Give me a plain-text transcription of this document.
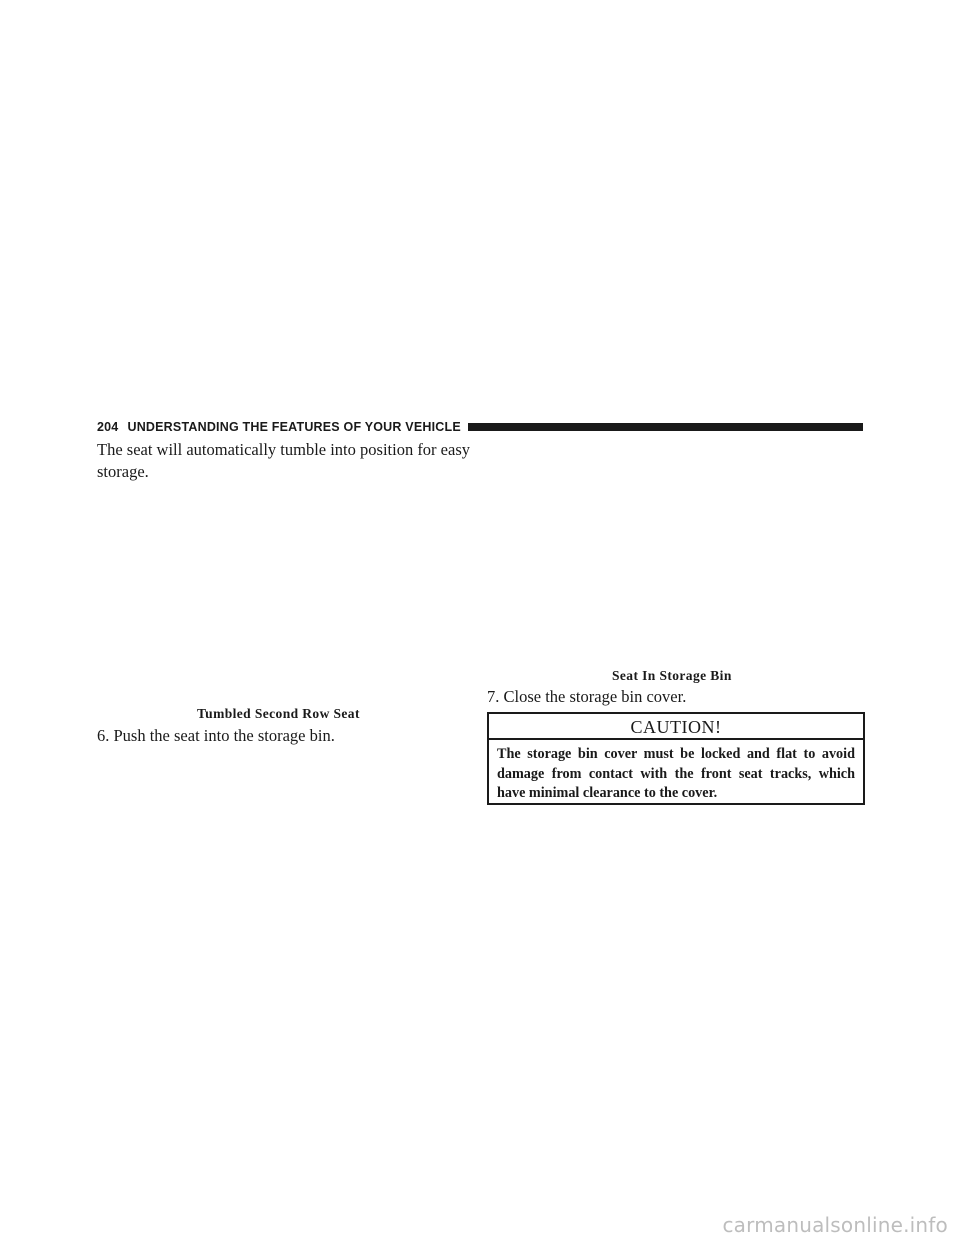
204 UNDERSTANDING THE FEATURES OF YOUR VEHICLE
The seat will automatically tumble into position for easy storage.
Tumbled Second Row Seat
6. Push the seat into the storage bin.
Seat In Storage Bin
7. Close the storage bin cover.
CAUTION!
The storage bin cover must be locked and flat to avoid damage from contact with the front seat tracks, which have minimal clearance to the cover.
carmanualsonline.info
